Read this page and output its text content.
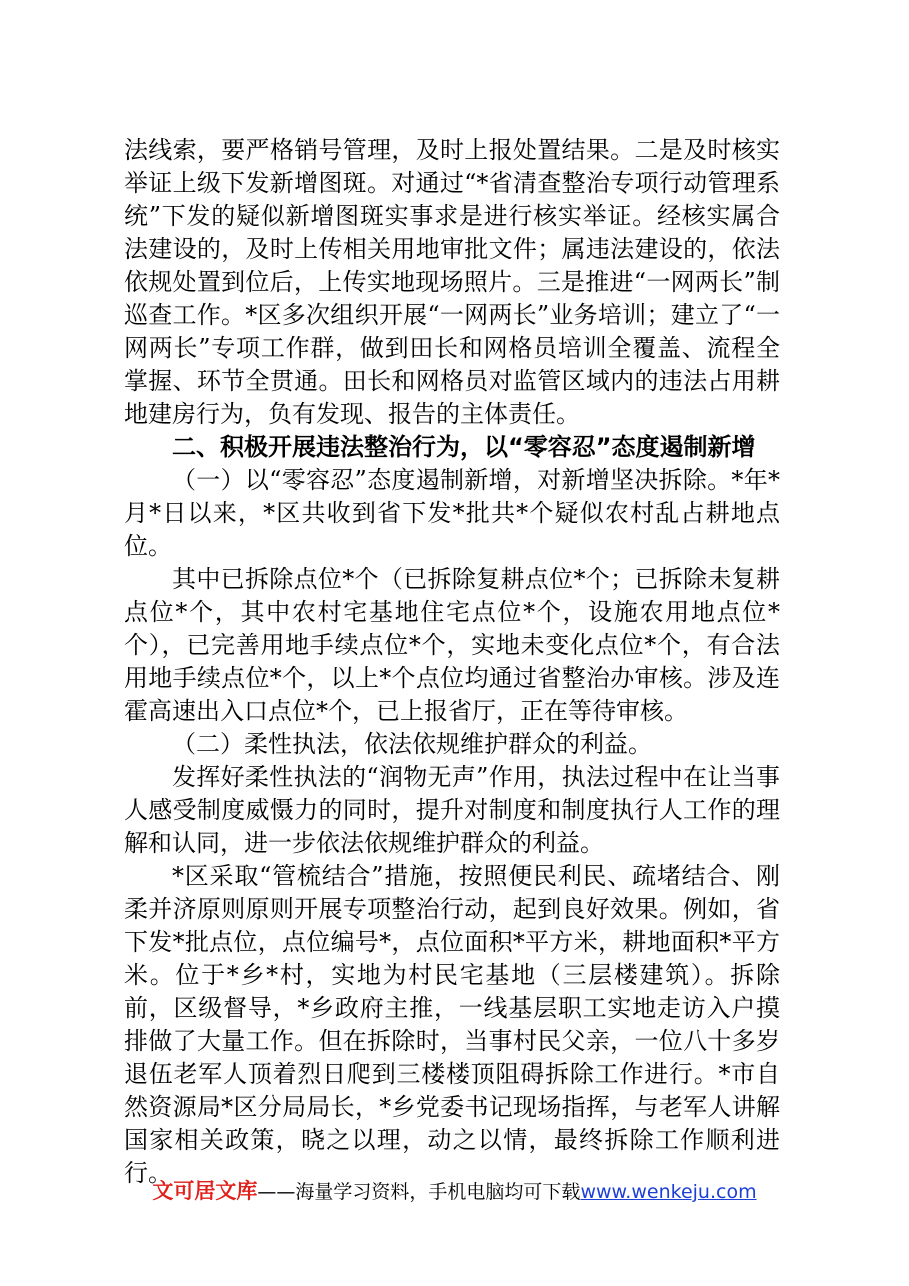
法线索，要严格销号管理，及时上报处置结果。二是及时核实举证上级下发新增图斑。对通过“*省清查整治专项行动管理系统”下发的疑似新增图斑实事求是进行核实举证。经核实属合法建设的，及时上传相关用地审批文件；属违法建设的，依法依规处置到位后，上传实地现场照片。三是推进“一网两长”制巡查工作。*区多次组织开展“一网两长”业务培训；建立了“一网两长”专项工作群，做到田长和网格员培训全覆盖、流程全掌握、环节全贯通。田长和网格员对监管区域内的违法占用耕地建房行为，负有发现、报告的主体责任。

二、积极开展违法整治行为，以“零容忍”态度遏制新增

（一）以“零容忍”态度遏制新增，对新增坚决拆除。*年*月*日以来，*区共收到省下发*批共*个疑似农村乱占耕地点位。

其中已拆除点位*个（已拆除复耕点位*个；已拆除未复耕点位*个，其中农村宅基地住宅点位*个，设施农用地点位*个），已完善用地手续点位*个，实地未变化点位*个，有合法用地手续点位*个，以上*个点位均通过省整治办审核。涉及连霍高速出入口点位*个，已上报省厅，正在等待审核。

（二）柔性执法，依法依规维护群众的利益。

发挥好柔性执法的“润物无声”作用，执法过程中在让当事人感受制度威慑力的同时，提升对制度和制度执行人工作的理解和认同，进一步依法依规维护群众的利益。

*区采取“管梳结合”措施，按照便民利民、疏堵结合、刚柔并济原则原则开展专项整治行动，起到良好效果。例如，省下发*批点位，点位编号*，点位面积*平方米，耕地面积*平方米。位于*乡*村，实地为村民宅基地（三层楼建筑）。拆除前，区级督导，*乡政府主推，一线基层职工实地走访入户摸排做了大量工作。但在拆除时，当事村民父亲，一位八十多岁退伍老军人顶着烈日爬到三楼楼顶阻碍拆除工作进行。*市自然资源局*区分局局长，*乡党委书记现场指挥，与老军人讲解国家相关政策，晓之以理，动之以情，最终拆除工作顺利进行。

文可居文库——海量学习资料，手机电脑均可下载www.wenkeju.com
